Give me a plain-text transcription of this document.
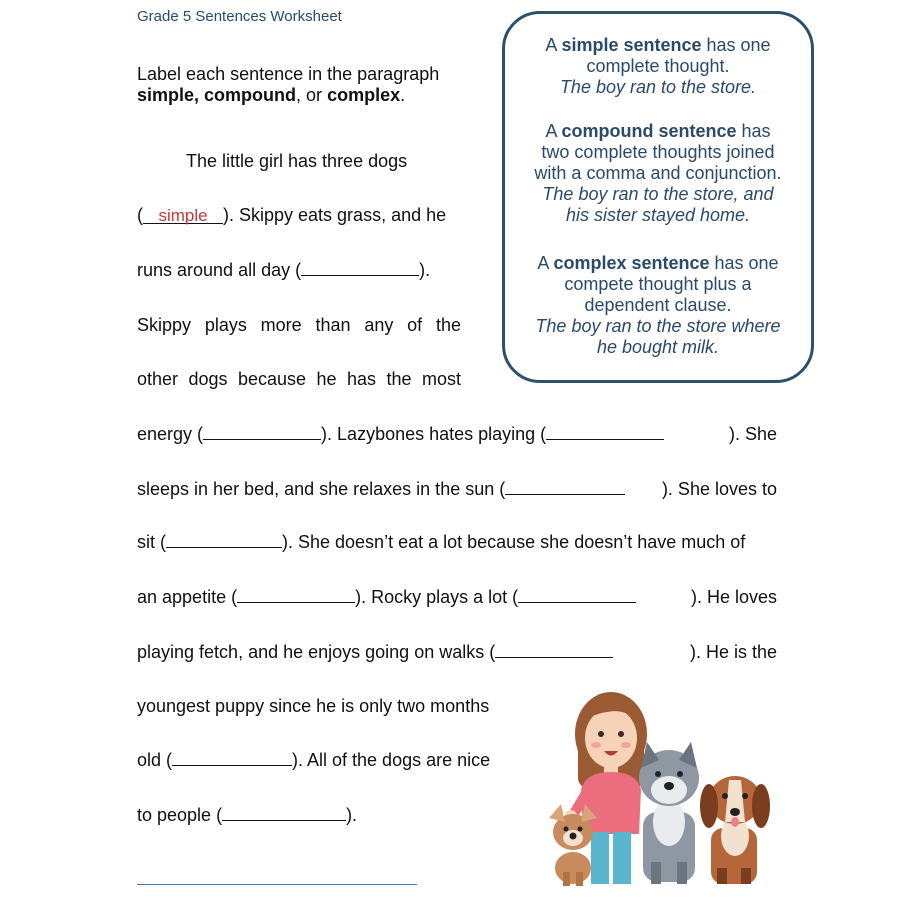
Grade 5 Sentences Worksheet
Label each sentence in the paragraph
simple, compound, or complex.
A simple sentence has one
complete thought.
The boy ran to the store.
A compound sentence has
two complete thoughts joined
with a comma and conjunction.
The boy ran to the store, and
his sister stayed home.
A complex sentence has one
compete thought plus a
dependent clause.
The boy ran to the store where
he bought milk.
The little girl has three dogs
( simple ). Skippy eats grass, and he
runs around all day (	).
Skippy plays more than any of the
other dogs because he has the most
energy (	). Lazybones hates playing (	). She
sleeps in her bed, and she relaxes in the sun (	). She loves to
sit (	). She doesn’t eat a lot because she doesn’t have much of
an appetite (	). Rocky plays a lot (	). He loves
playing fetch, and he enjoys going on walks (	). He is the
youngest puppy since he is only two months
old (	). All of the dogs are nice
to people (	).
